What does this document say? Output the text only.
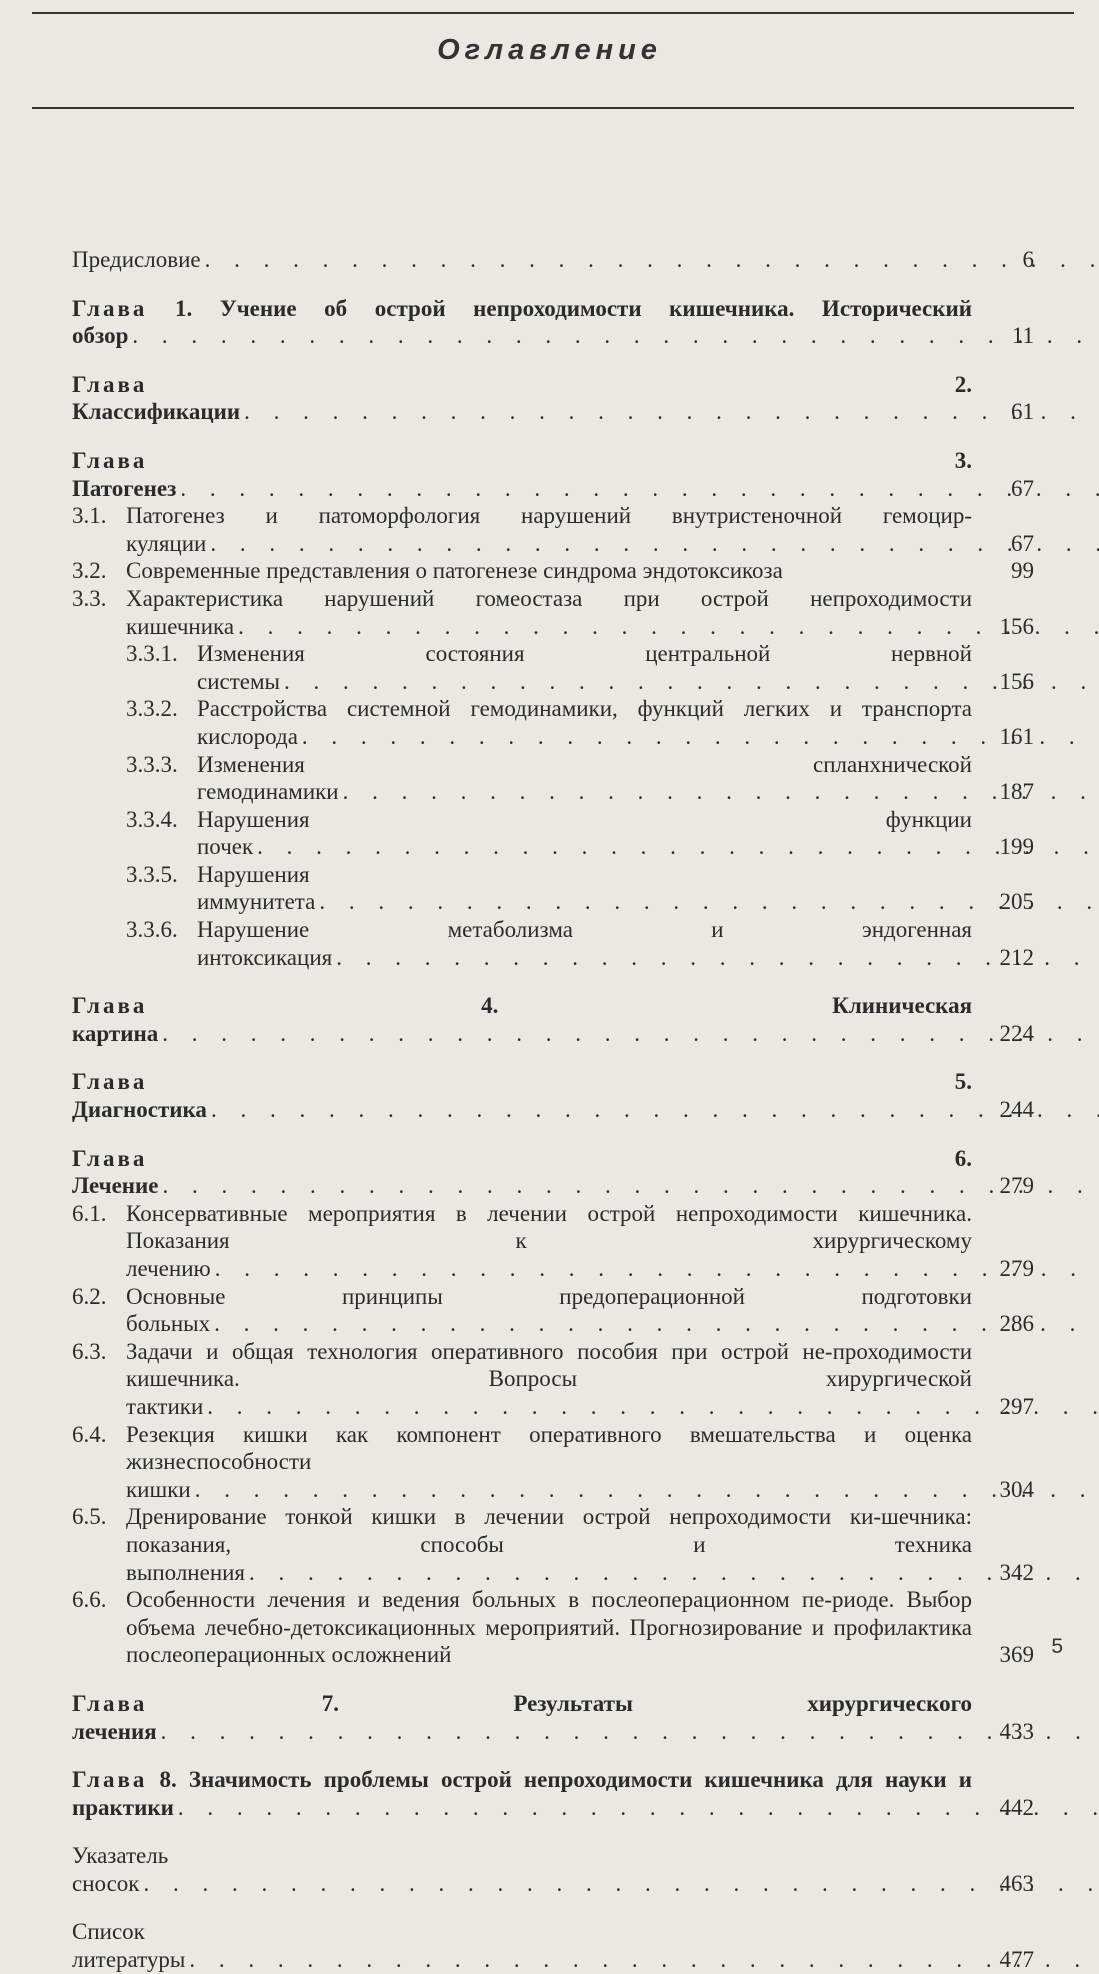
Оглавление
Предисловие . . .	6
Глава 1. Учение об острой непроходимости кишечника. Исторический обзор . . .	11
Глава	2. Классификации . . .	61
Глава	3. Патогенез . . .	67
3.1. Патогенез и патоморфология нарушений внутристеночной гемоцир-куляции . . .	67
3.2. Современные представления о патогенезе синдрома эндотоксикоза	99
3.3. Характеристика нарушений гомеостаза при острой непроходимости кишечника . . .	156
3.3.1. Изменения состояния центральной нервной системы . . .	156
3.3.2. Расстройства системной гемодинамики, функций легких и транспорта кислорода . . .	161
3.3.3. Изменения спланхнической гемодинамики . . .	187
3.3.4. Нарушения функции почек . . .	199
3.3.5. Нарушения иммунитета . . .	205
3.3.6. Нарушение метаболизма и эндогенная интоксикация . . .	212
Глава	4.	Клиническая картина . . .	224
Глава	5. Диагностика . . .	244
Глава	6. Лечение . . .	279
6.1. Консервативные мероприятия в лечении острой непроходимости кишечника. Показания к хирургическому лечению . . .	279
6.2. Основные принципы предоперационной подготовки больных . . .	286
6.3. Задачи и общая технология оперативного пособия при острой не-проходимости кишечника. Вопросы хирургической тактики . . .	297
6.4. Резекция кишки как компонент оперативного вмешательства и оценка жизнеспособности кишки . . .	304
6.5. Дренирование тонкой кишки в лечении острой непроходимости ки-шечника: показания, способы и техника выполнения . . .	342
6.6. Особенности лечения и ведения больных в послеоперационном пе-риоде. Выбор объема лечебно-детоксикационных мероприятий. Прогнозирование и профилактика послеоперационных осложнений	369
Глава	7.	Результаты хирургического лечения . . .	433
Глава 8. Значимость проблемы острой непроходимости кишечника для науки и практики . . .	442
Указатель сносок . . .	463
Список литературы . . .	477
5
